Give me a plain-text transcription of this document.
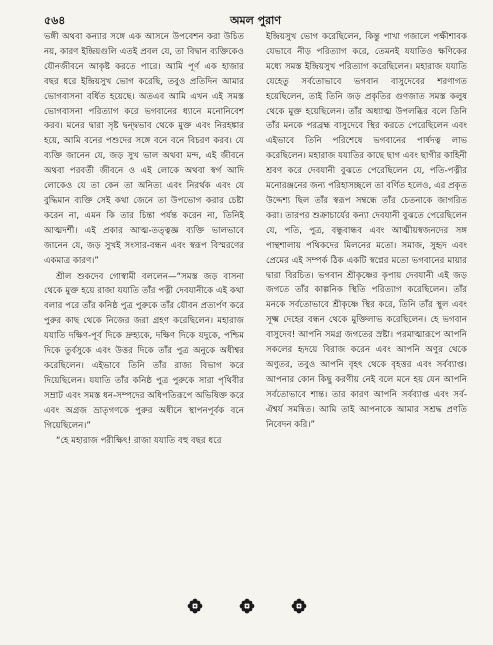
৫৬৪	অমল পুরাণ

ভঙ্গী অথবা কন্যার সঙ্গে এক আসনে উপবেশন করা উচিত নয়, কারণ ইন্দ্রিয়গুলি এতই প্রবল যে, তা বিদ্বান ব্যক্তিকেও যৌনজীবনে আকৃষ্ট করতে পারে। আমি পূর্ণ এক হাজার বছর ধরে ইন্দ্রিয়সুখ ভোগ করেছি, তবুও প্রতিদিন আমার ভোগবাসনা বর্ধিত হয়েছে। অতএব আমি এখন এই সমস্ত ভোগবাসনা পরিত্যাগ করে ভগবানের ধ্যানে মনোনিবেশ করব। মনের দ্বারা সৃষ্ট দ্বন্দ্বভাব থেকে মুক্ত এবং নিরহঙ্কার হয়ে, আমি বনের পশুদের সঙ্গে বনে বনে বিচরণ করব। যে ব্যক্তি জানেন যে, জড় সুখ ভাল অথবা মন্দ, এই জীবনে অথবা পরবর্তী জীবনে ও এই লোকে অথবা স্বর্গ আদি লোকেও যে তা কেন তা অনিত্য এবং নিরর্থক এবং যে বুদ্ধিমান ব্যক্তি সেই কথা জেনে তা উপভোগ করার চেষ্টা করেন না, এমন কি তার চিন্তা পর্যন্ত করেন না, তিনিই আত্মদর্শী। এই প্রকার আত্ম-তত্ত্বজ্ঞ ব্যক্তি ভালভাবে জানেন যে, জড় সুখই সংসার-বন্ধন এবং স্বরূপ বিস্মরণের একমাত্র কারণ।”

শ্রীল শুকদেব গোস্বামী বললেন—“সমস্ত জড় বাসনা থেকে মুক্ত হয়ে রাজা যযাতি তাঁর পত্নী দেবযানীকে এই কথা বলার পরে তাঁর কনিষ্ঠ পুত্র পুরুকে তাঁর যৌবন প্রত্যর্পণ করে পুরুর কাছ থেকে নিজের জরা গ্রহণ করেছিলেন। মহারাজ যযাতি দক্ষিণ-পূর্ব দিকে দ্রুহ্যকে, দক্ষিণ দিকে যদুকে, পশ্চিম দিকে তুর্বসুকে এবং উত্তর দিকে তাঁর পুত্র অনুকে অধীশ্বর করেছিলেন। এইভাবে তিনি তাঁর রাজ্য বিভাগ করে দিয়েছিলেন। যযাতি তাঁর কনিষ্ঠ পুত্র পুরুকে সারা পৃথিবীর সম্রাট এবং সমস্ত ধন-সম্পদের অধিপতিরূপে অভিষিক্ত করে এবং অগ্রজ ভ্রাতৃগণকে পুরুর অধীনে স্থাপনপূর্বক বনে গিয়েছিলেন।”

“হে মহারাজ পরীক্ষিৎ! রাজা যযাতি বহু বছর ধরে

ইন্দ্রিয়সুখ ভোগ করেছিলেন, কিন্তু পাখা গজালে পক্ষীশাবক যেভাবে নীড় পরিত্যাগ করে, তেমনই যযাতিও ক্ষণিকের মধ্যে সমস্ত ইন্দ্রিয়সুখ পরিত্যাগ করেছিলেন। মহারাজ যযাতি যেহেতু সর্বতোভাবে ভগবান বাসুদেবের শরণাগত হয়েছিলেন, তাই তিনি জড় প্রকৃতির গুণজাত সমস্ত কলুষ থেকে মুক্ত হয়েছিলেন। তাঁর অধ্যাত্ম উপলব্ধির বলে তিনি তাঁর মনকে পরব্রহ্ম বাসুদেবে স্থির করতে পেরেছিলেন এবং এইভাবে তিনি পরিশেষে ভগবানের পার্ষদত্ব লাভ করেছিলেন। মহারাজ যযাতির কাছে ছাগ এবং ছাগীর কাহিনী শ্রবণ করে দেবযানী বুঝতে পেরেছিলেন যে, পতি-পত্নীর মনোরঞ্জনের জন্য পরিহাসচ্ছলে তা বর্ণিত হলেও, এর প্রকৃত উদ্দেশ্য ছিল তাঁর স্বরূপ সম্বন্ধে তাঁর চেতনাকে জাগরিত করা। তারপর শুক্রাচার্যের কন্যা দেবযানী বুঝতে পেরেছিলেন যে, পতি, পুত্র, বন্ধুবান্ধব এবং আত্মীয়স্বজনদের সঙ্গ পান্থশালায় পথিকদের মিলনের মতো। সমাজ, সুহৃদ এবং প্রেমের এই সম্পর্ক ঠিক একটি স্বপ্নের মতো ভগবানের মায়ার দ্বারা বিরচিত। ভগবান শ্রীকৃষ্ণের কৃপায় দেবযানী এই জড় জগতে তাঁর কাল্পনিক স্থিতি পরিত্যাগ করেছিলেন। তাঁর মনকে সর্বতোভাবে শ্রীকৃষ্ণে স্থির করে, তিনি তাঁর স্থূল এবং সূক্ষ্ম দেহের বন্ধন থেকে মুক্তিলাভ করেছিলেন। হে ভগবান বাসুদেব! আপনি সমগ্র জগতের স্রষ্টা। পরমাত্মারূপে আপনি সকলের হৃদয়ে বিরাজ করেন এবং আপনি অণুর থেকে অণুতর, তবুও আপনি বৃহৎ থেকে বৃহত্তর এবং সর্বব্যাপ্ত। আপনার কোন কিছু করণীয় নেই বলে মনে হয় যেন আপনি সর্বতোভাবে শান্ত। তার কারণ আপনি সর্বব্যাপ্ত এবং সর্ব-ঐশ্বর্য সমন্বিত। আমি তাই আপনাকে আমার সশ্রদ্ধ প্রণতি নিবেদন করি।”
